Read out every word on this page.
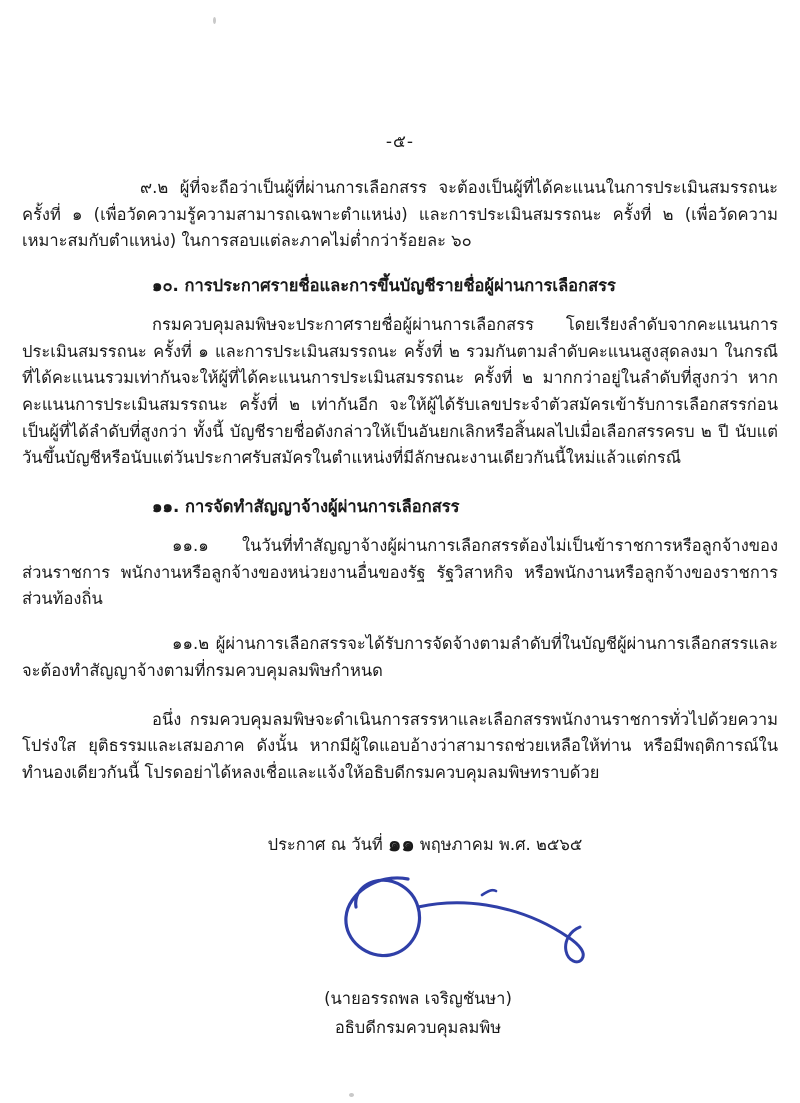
-๕-

๙.๒ ผู้ที่จะถือว่าเป็นผู้ที่ผ่านการเลือกสรร จะต้องเป็นผู้ที่ได้คะแนนในการประเมินสมรรถนะ ครั้งที่ ๑ (เพื่อวัดความรู้ความสามารถเฉพาะตำแหน่ง) และการประเมินสมรรถนะ ครั้งที่ ๒ (เพื่อวัดความเหมาะสมกับตำแหน่ง) ในการสอบแต่ละภาคไม่ต่ำกว่าร้อยละ ๖๐

๑๐. การประกาศรายชื่อและการขึ้นบัญชีรายชื่อผู้ผ่านการเลือกสรร

กรมควบคุมลมพิษจะประกาศรายชื่อผู้ผ่านการเลือกสรร โดยเรียงลำดับจากคะแนนการประเมินสมรรถนะ ครั้งที่ ๑ และการประเมินสมรรถนะ ครั้งที่ ๒ รวมกันตามลำดับคะแนนสูงสุดลงมา ในกรณีที่ได้คะแนนรวมเท่ากันจะให้ผู้ที่ได้คะแนนการประเมินสมรรถนะ ครั้งที่ ๒ มากกว่าอยู่ในลำดับที่สูงกว่า หากคะแนนการประเมินสมรรถนะ ครั้งที่ ๒ เท่ากันอีก จะให้ผู้ได้รับเลขประจำตัวสมัครเข้ารับการเลือกสรรก่อนเป็นผู้ที่ได้ลำดับที่สูงกว่า ทั้งนี้ บัญชีรายชื่อดังกล่าวให้เป็นอันยกเลิกหรือสิ้นผลไปเมื่อเลือกสรรครบ ๒ ปี นับแต่วันขึ้นบัญชีหรือนับแต่วันประกาศรับสมัครในตำแหน่งที่มีลักษณะงานเดียวกันนี้ใหม่แล้วแต่กรณี

๑๑. การจัดทำสัญญาจ้างผู้ผ่านการเลือกสรร

๑๑.๑ ในวันที่ทำสัญญาจ้างผู้ผ่านการเลือกสรรต้องไม่เป็นข้าราชการหรือลูกจ้างของส่วนราชการ พนักงานหรือลูกจ้างของหน่วยงานอื่นของรัฐ รัฐวิสาหกิจ หรือพนักงานหรือลูกจ้างของราชการส่วนท้องถิ่น

๑๑.๒ ผู้ผ่านการเลือกสรรจะได้รับการจัดจ้างตามลำดับที่ในบัญชีผู้ผ่านการเลือกสรรและจะต้องทำสัญญาจ้างตามที่กรมควบคุมลมพิษกำหนด

อนึ่ง กรมควบคุมลมพิษจะดำเนินการสรรหาและเลือกสรรพนักงานราชการทั่วไปด้วยความโปร่งใส ยุติธรรมและเสมอภาค ดังนั้น หากมีผู้ใดแอบอ้างว่าสามารถช่วยเหลือให้ท่าน หรือมีพฤติการณ์ในทำนองเดียวกันนี้ โปรดอย่าได้หลงเชื่อและแจ้งให้อธิบดีกรมควบคุมลมพิษทราบด้วย

ประกาศ ณ วันที่ ๑๑ พฤษภาคม พ.ศ. ๒๕๖๕

(นายอรรถพล เจริญชันษา)
อธิบดีกรมควบคุมลมพิษ
